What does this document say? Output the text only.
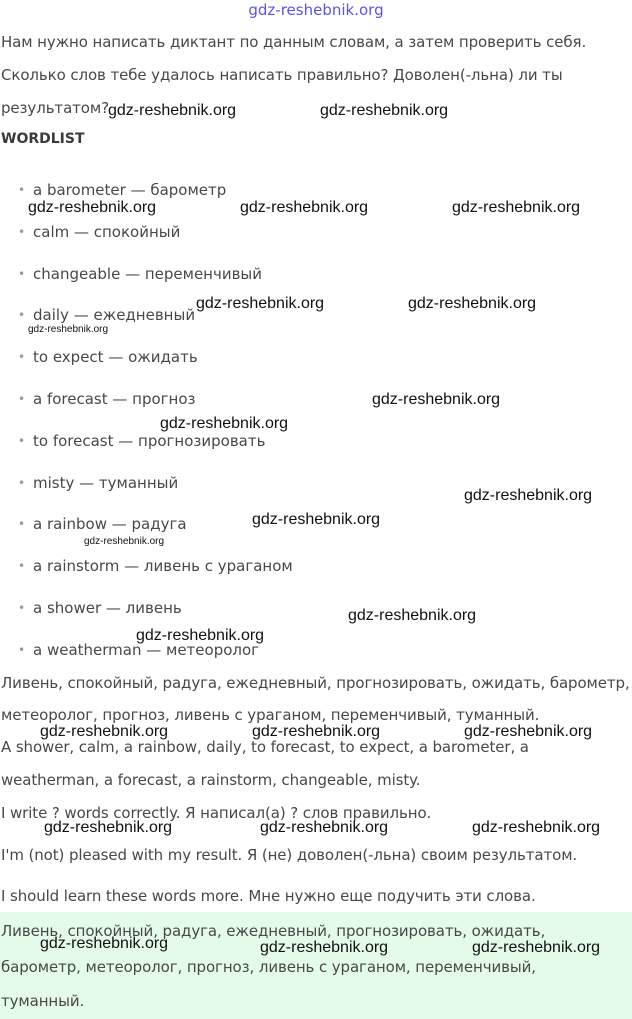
gdz-reshebnik.org
Нам нужно написать диктант по данным словам, а затем проверить себя.
Сколько слов тебе удалось написать правильно? Доволен(-льна) ли ты
результатом?
WORDLIST
• a barometer — барометр
• calm — спокойный
• changeable — переменчивый
• daily — ежедневный
• to expect — ожидать
• a forecast — прогноз
• to forecast — прогнозировать
• misty — туманный
• a rainbow — радуга
• a rainstorm — ливень с ураганом
• a shower — ливень
• a weatherman — метеоролог
Ливень, спокойный, радуга, ежедневный, прогнозировать, ожидать, барометр,
метеоролог, прогноз, ливень с ураганом, переменчивый, туманный.
A shower, calm, a rainbow, daily, to forecast, to expect, a barometer, a
weatherman, a forecast, a rainstorm, changeable, misty.
I write ? words correctly. Я написал(а) ? слов правильно.
I'm (not) pleased with my result. Я (не) доволен(-льна) своим результатом.
I should learn these words more. Мне нужно еще подучить эти слова.
Ливень, спокойный, радуга, ежедневный, прогнозировать, ожидать,
барометр, метеоролог, прогноз, ливень с ураганом, переменчивый,
туманный.
gdz-reshebnik.org	gdz-reshebnik.org
gdz-reshebnik.org	gdz-reshebnik.org	gdz-reshebnik.org
gdz-reshebnik.org	gdz-reshebnik.org
gdz-reshebnik.org
gdz-reshebnik.org
gdz-reshebnik.org
gdz-reshebnik.org
gdz-reshebnik.org
gdz-reshebnik.org
gdz-reshebnik.org
gdz-reshebnik.org
gdz-reshebnik.org	gdz-reshebnik.org	gdz-reshebnik.org
gdz-reshebnik.org	gdz-reshebnik.org	gdz-reshebnik.org
gdz-reshebnik.org	gdz-reshebnik.org	gdz-reshebnik.org
